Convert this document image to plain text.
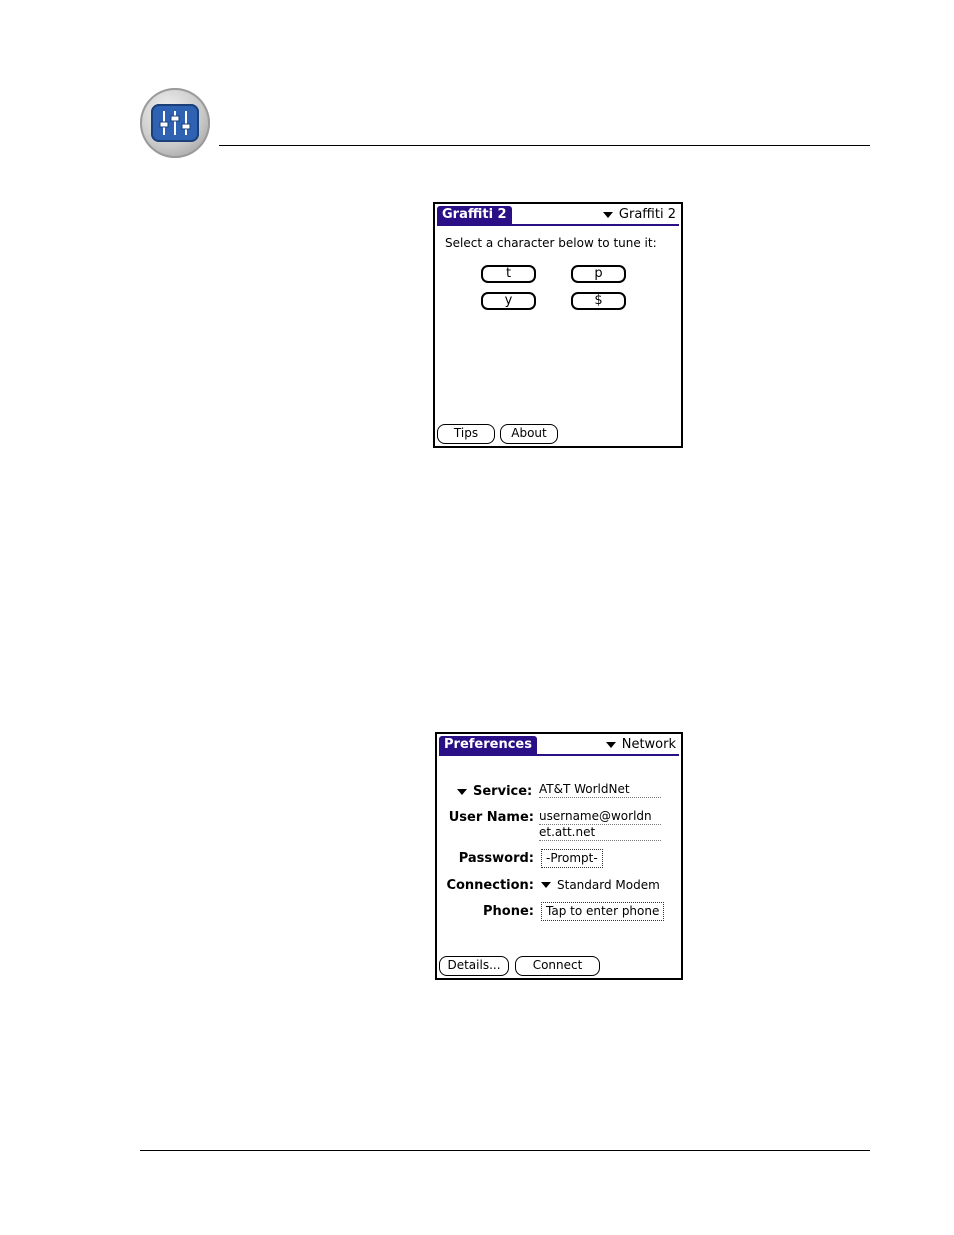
Graffiti 2	Graffiti 2
Select a character below to tune it:
t	p
y	$
Tips	About
Preferences	Network
Service: AT&T WorldNet
User Name: username@worldn
et.att.net
Password:	-Prompt-
Connection: Standard Modem
Phone:	Tap to enter phone
Details...	Connect
